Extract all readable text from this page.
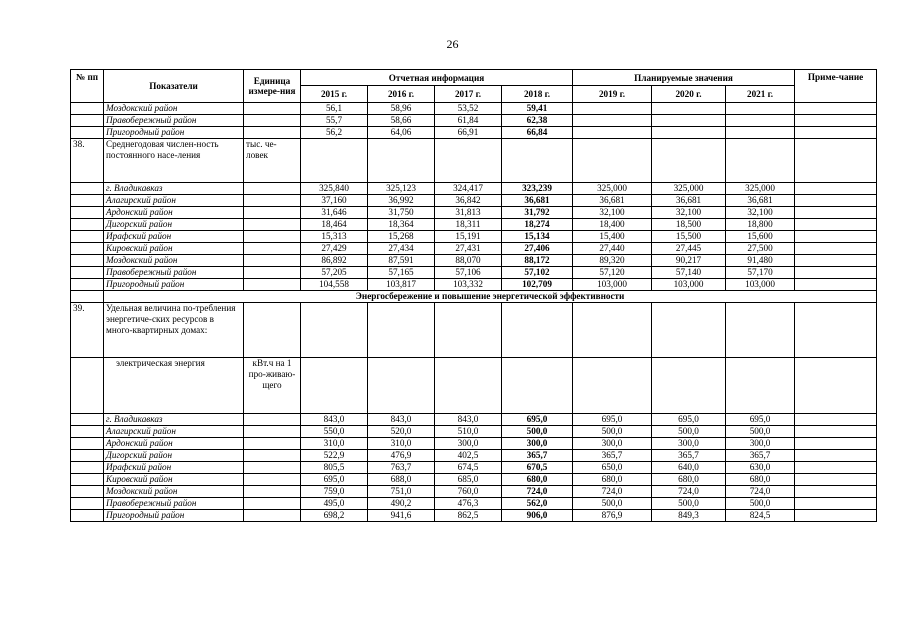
26
№ пп	Показатели	Единица измере-ния	Отчетная информация				Планируемые значения			Приме-чание
			2015 г.	2016 г.	2017 г.	2018 г.	2019 г.	2020 г.	2021 г.	
	Моздокский район		56,1	58,96	53,52	59,41				
	Правобережный район		55,7	58,66	61,84	62,38				
	Пригородный район		56,2	64,06	66,91	66,84				
38.	Среднегодовая числен-ность постоянного насе-ления	тыс. че-ловек								
	г. Владикавказ		325,840	325,123	324,417	323,239	325,000	325,000	325,000	
	Алагирский район		37,160	36,992	36,842	36,681	36,681	36,681	36,681	
	Ардонский район		31,646	31,750	31,813	31,792	32,100	32,100	32,100	
	Дигорский район		18,464	18,364	18,311	18,274	18,400	18,500	18,800	
	Ирафский район		15,313	15,268	15,191	15,134	15,400	15,500	15,600	
	Кировский район		27,429	27,434	27,431	27,406	27,440	27,445	27,500	
	Моздокский район		86,892	87,591	88,070	88,172	89,320	90,217	91,480	
	Правобережный район		57,205	57,165	57,106	57,102	57,120	57,140	57,170	
	Пригородный район		104,558	103,817	103,332	102,709	103,000	103,000	103,000	
	Энергосбережение и повышение энергетической эффективности									
39.	Удельная величина по-требления энергетиче-ских ресурсов в много-квартирных домах:									
	электрическая энергия	кВт.ч на 1 про-живаю-щего								
	г. Владикавказ		843,0	843,0	843,0	695,0	695,0	695,0	695,0	
	Алагирский район		550,0	520,0	510,0	500,0	500,0	500,0	500,0	
	Ардонский район		310,0	310,0	300,0	300,0	300,0	300,0	300,0	
	Дигорский район		522,9	476,9	402,5	365,7	365,7	365,7	365,7	
	Ирафский район		805,5	763,7	674,5	670,5	650,0	640,0	630,0	
	Кировский район		695,0	688,0	685,0	680,0	680,0	680,0	680,0	
	Моздокский район		759,0	751,0	760,0	724,0	724,0	724,0	724,0	
	Правобережный район		495,0	490,2	476,3	562,0	500,0	500,0	500,0	
	Пригородный район		698,2	941,6	862,5	906,0	876,9	849,3	824,5	
